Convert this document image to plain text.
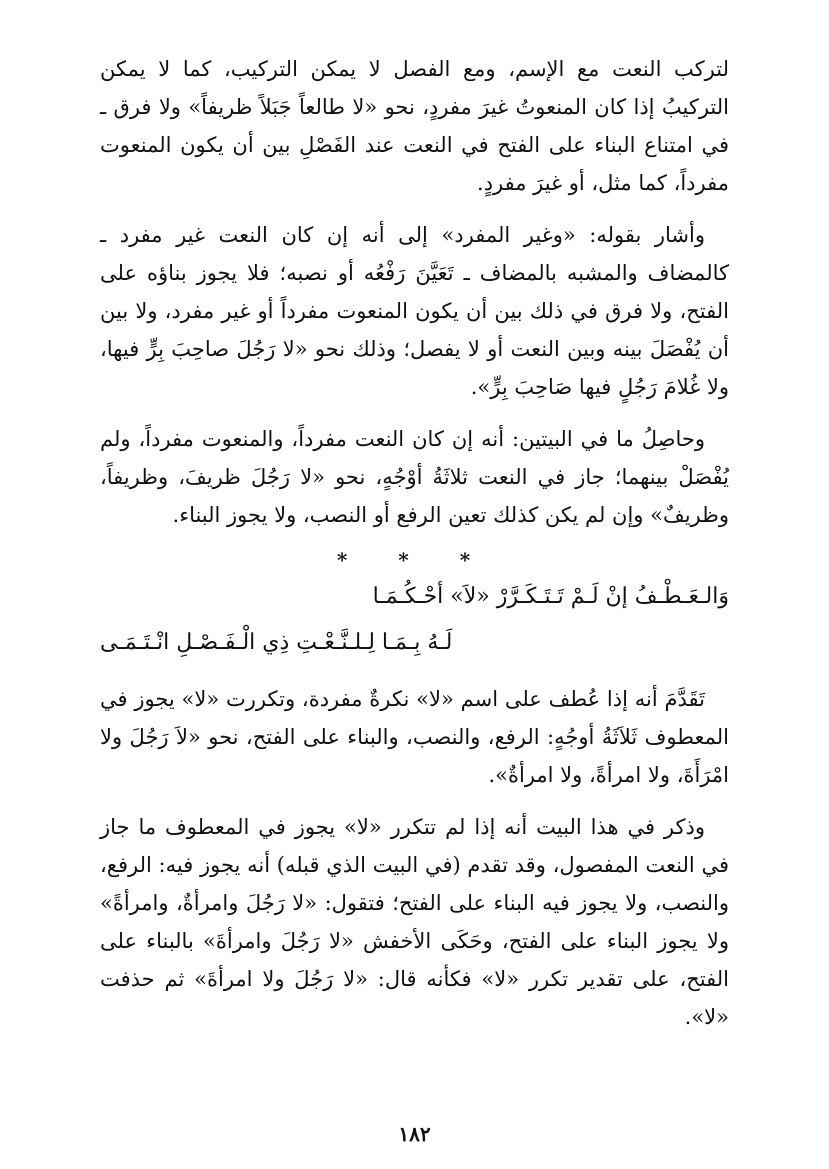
لتركب النعت مع الإسم، ومع الفصل لا يمكن التركيب، كما لا يمكن التركيبُ إذا كان المنعوتُ غيرَ مفردٍ، نحو «لا طالعاً جَبَلاً ظريفاً» ولا فرق ـ في امتناع البناء على الفتح في النعت عند الفَصْلِ بين أن يكون المنعوت مفرداً، كما مثل، أو غيرَ مفردٍ.

وأشار بقوله: «وغير المفرد» إلى أنه إن كان النعت غير مفرد ـ كالمضاف والمشبه بالمضاف ـ تَعَيَّنَ رَفْعُه أو نصبه؛ فلا يجوز بناؤه على الفتح، ولا فرق في ذلك بين أن يكون المنعوت مفرداً أو غير مفرد، ولا بين أن يُفْصَلَ بينه وبين النعت أو لا يفصل؛ وذلك نحو «لا رَجُلَ صاحِبَ بِرٍّ فيها، ولا غُلامَ رَجُلٍ فيها صَاحِبَ بِرٍّ».

وحاصِلُ ما في البيتين: أنه إن كان النعت مفرداً، والمنعوت مفرداً، ولم يُفْصَلْ بينهما؛ جاز في النعت ثلاثَةُ أوْجُهٍ، نحو «لا رَجُلَ ظريفَ، وظريفاً، وظريفٌ» وإن لم يكن كذلك تعين الرفع أو النصب، ولا يجوز البناء.

* * *

وَالـعَـطْـفُ إنْ لَـمْ تَـتَـكَـرَّرْ «لاَ» أحْـكُـمَـا

لَـهُ بِـمَـا لِـلـنَّـعْـتِ ذِي الْـفَـصْـلِ انْـتَـمَـى

تَقَدَّمَ أنه إذا عُطف على اسم «لا» نكرةٌ مفردة، وتكررت «لا» يجوز في المعطوف ثَلاَثَةُ أوجُهٍ: الرفع، والنصب، والبناء على الفتح، نحو «لاَ رَجُلَ ولا امْرَأَةَ، ولا امرأةً، ولا امرأةٌ».

وذكر في هذا البيت أنه إذا لم تتكرر «لا» يجوز في المعطوف ما جاز في النعت المفصول، وقد تقدم (في البيت الذي قبله) أنه يجوز فيه: الرفع، والنصب، ولا يجوز فيه البناء على الفتح؛ فتقول: «لا رَجُلَ وامرأةٌ، وامرأةً» ولا يجوز البناء على الفتح، وحَكَى الأخفش «لا رَجُلَ وامرأةَ» بالبناء على الفتح، على تقدير تكرر «لا» فكأنه قال: «لا رَجُلَ ولا امرأةَ» ثم حذفت «لا».

١٨٢
